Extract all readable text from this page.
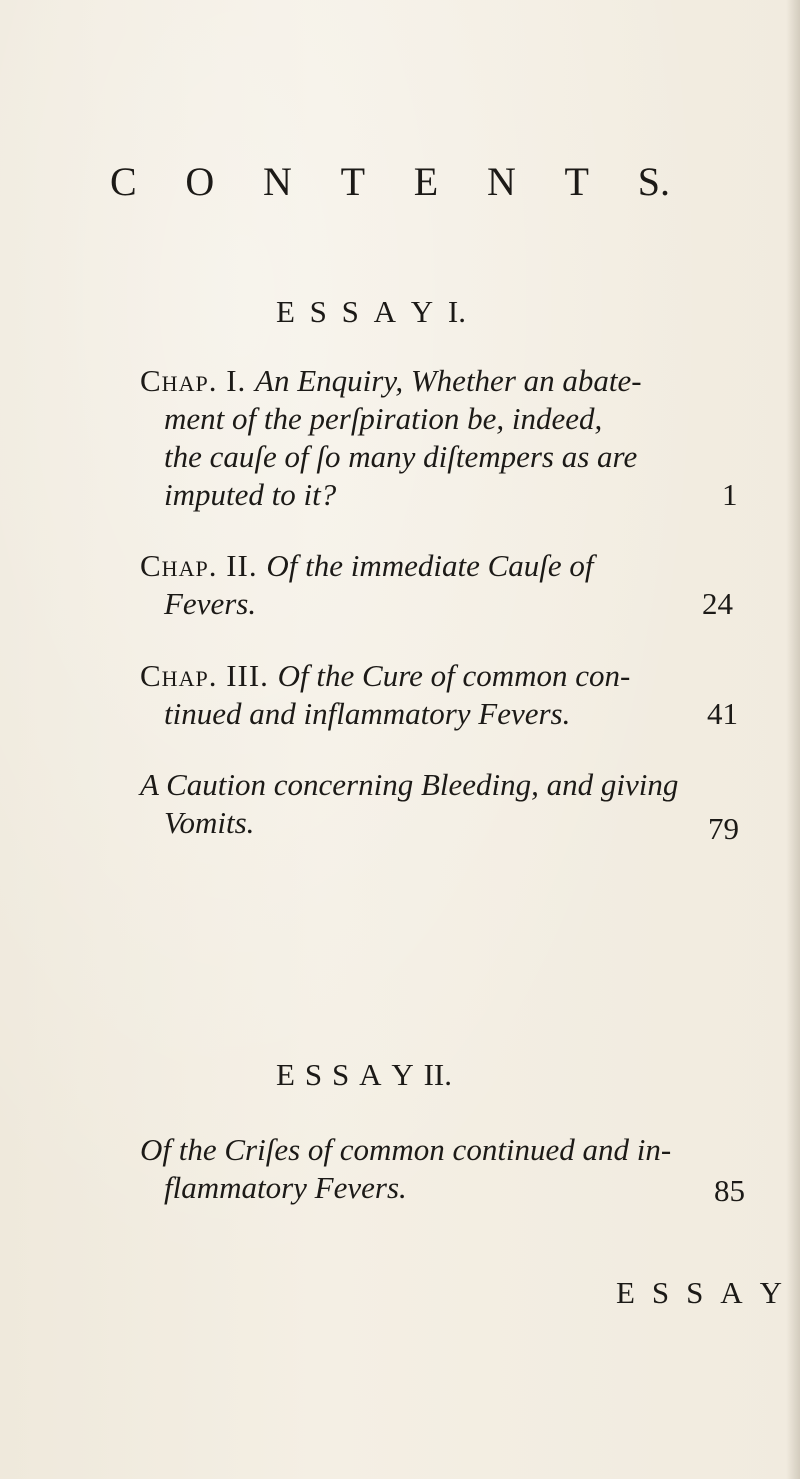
C O N T E N T S.
E S S A Y I.
Chap. I. An Enquiry, Whether an abate-
ment of the perſpiration be, indeed,
the cauſe of ſo many diſtempers as are
imputed to it?	1
Chap. II. Of the immediate Cauſe of
Fevers.	24
Chap. III. Of the Cure of common con-
tinued and inflammatory Fevers.	41
A Caution concerning Bleeding, and giving
Vomits.	79
E S S A Y II.
Of the Criſes of common continued and in-
flammatory Fevers.	85
E S S A Y
